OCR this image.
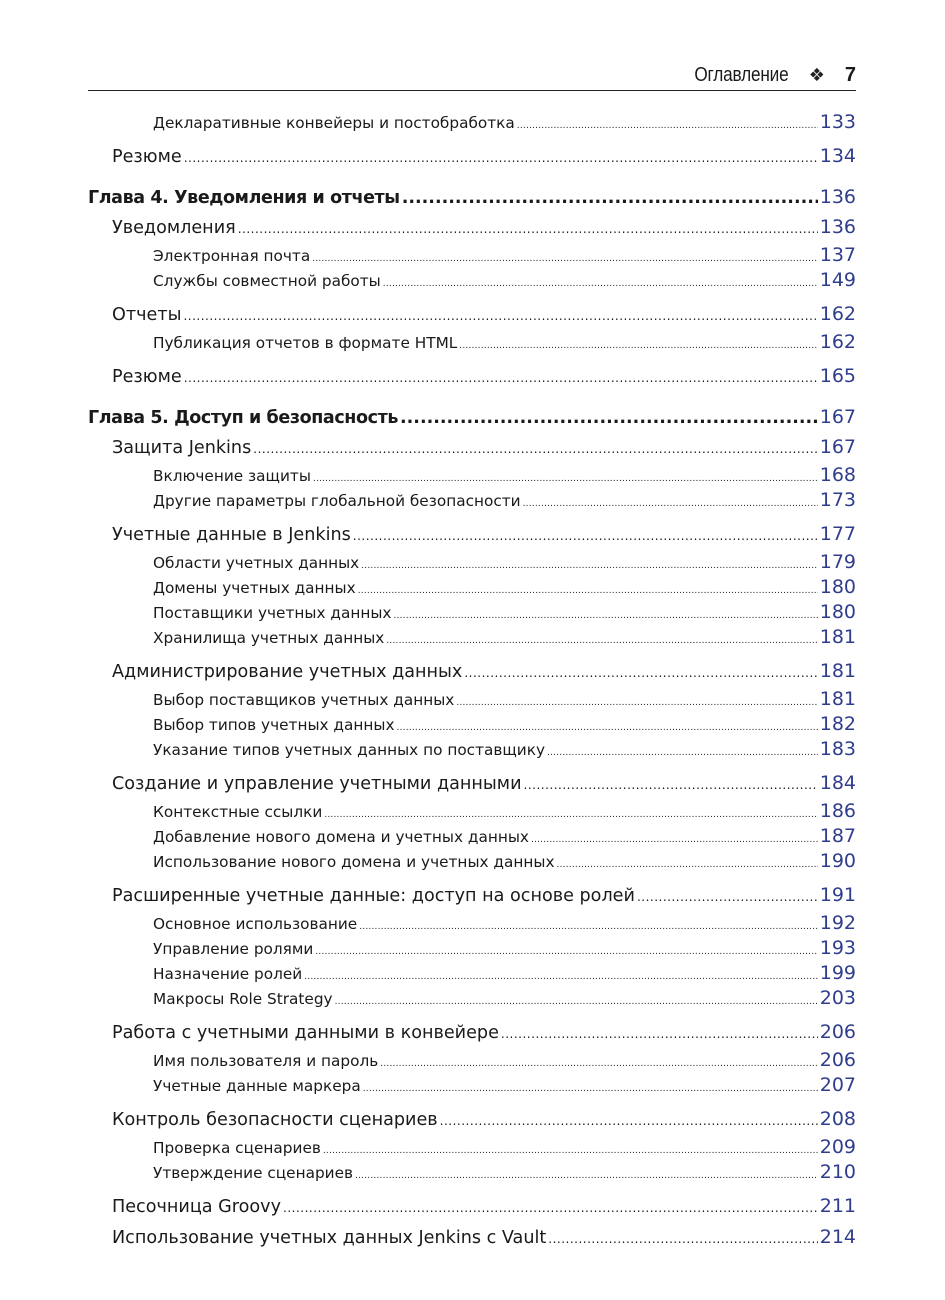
Оглавление ❖ 7
Декларативные конвейеры и постобработка .....	133
Резюме .....	134
Глава 4. Уведомления и отчеты .....	136
Уведомления .....	136
Электронная почта .....	137
Службы совместной работы .....	149
Отчеты .....	162
Публикация отчетов в формате HTML .....	162
Резюме .....	165
Глава 5. Доступ и безопасность .....	167
Защита Jenkins .....	167
Включение защиты .....	168
Другие параметры глобальной безопасности .....	173
Учетные данные в Jenkins .....	177
Области учетных данных .....	179
Домены учетных данных .....	180
Поставщики учетных данных .....	180
Хранилища учетных данных .....	181
Администрирование учетных данных .....	181
Выбор поставщиков учетных данных .....	181
Выбор типов учетных данных .....	182
Указание типов учетных данных по поставщику .....	183
Создание и управление учетными данными .....	184
Контекстные ссылки .....	186
Добавление нового домена и учетных данных .....	187
Использование нового домена и учетных данных .....	190
Расширенные учетные данные: доступ на основе ролей .....	191
Основное использование .....	192
Управление ролями .....	193
Назначение ролей .....	199
Макросы Role Strategy .....	203
Работа с учетными данными в конвейере .....	206
Имя пользователя и пароль .....	206
Учетные данные маркера .....	207
Контроль безопасности сценариев .....	208
Проверка сценариев .....	209
Утверждение сценариев .....	210
Песочница Groovy .....	211
Использование учетных данных Jenkins с Vault .....	214
